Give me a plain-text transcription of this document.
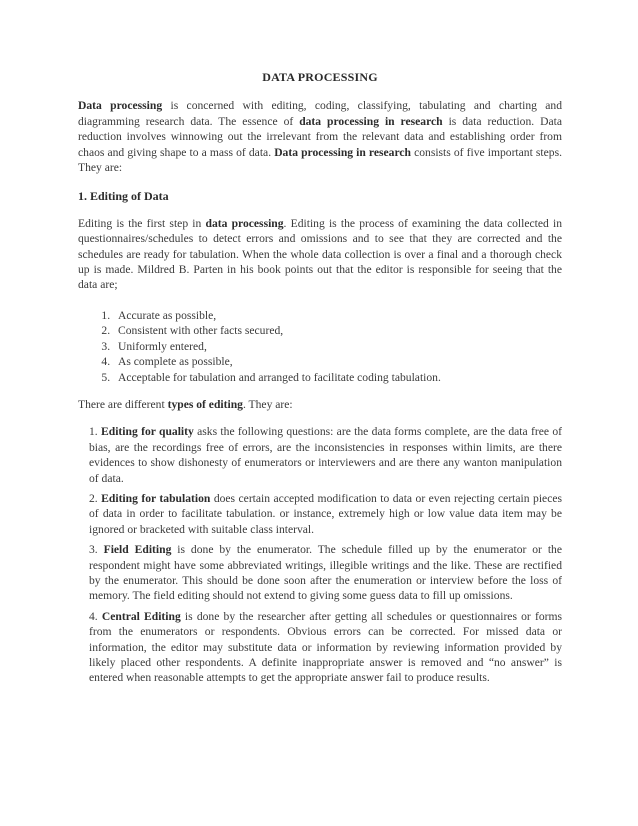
DATA PROCESSING

Data processing is concerned with editing, coding, classifying, tabulating and charting and diagramming research data. The essence of data processing in research is data reduction. Data reduction involves winnowing out the irrelevant from the relevant data and establishing order from chaos and giving shape to a mass of data. Data processing in research consists of five important steps. They are:

1. Editing of Data

Editing is the first step in data processing. Editing is the process of examining the data collected in questionnaires/schedules to detect errors and omissions and to see that they are corrected and the schedules are ready for tabulation. When the whole data collection is over a final and a thorough check up is made. Mildred B. Parten in his book points out that the editor is responsible for seeing that the data are;

1. Accurate as possible,
2. Consistent with other facts secured,
3. Uniformly entered,
4. As complete as possible,
5. Acceptable for tabulation and arranged to facilitate coding tabulation.

There are different types of editing. They are:

1. Editing for quality asks the following questions: are the data forms complete, are the data free of bias, are the recordings free of errors, are the inconsistencies in responses within limits, are there evidences to show dishonesty of enumerators or interviewers and are there any wanton manipulation of data.

2. Editing for tabulation does certain accepted modification to data or even rejecting certain pieces of data in order to facilitate tabulation. or instance, extremely high or low value data item may be ignored or bracketed with suitable class interval.

3. Field Editing is done by the enumerator. The schedule filled up by the enumerator or the respondent might have some abbreviated writings, illegible writings and the like. These are rectified by the enumerator. This should be done soon after the enumeration or interview before the loss of memory. The field editing should not extend to giving some guess data to fill up omissions.

4. Central Editing is done by the researcher after getting all schedules or questionnaires or forms from the enumerators or respondents. Obvious errors can be corrected. For missed data or information, the editor may substitute data or information by reviewing information provided by likely placed other respondents. A definite inappropriate answer is removed and “no answer” is entered when reasonable attempts to get the appropriate answer fail to produce results.
